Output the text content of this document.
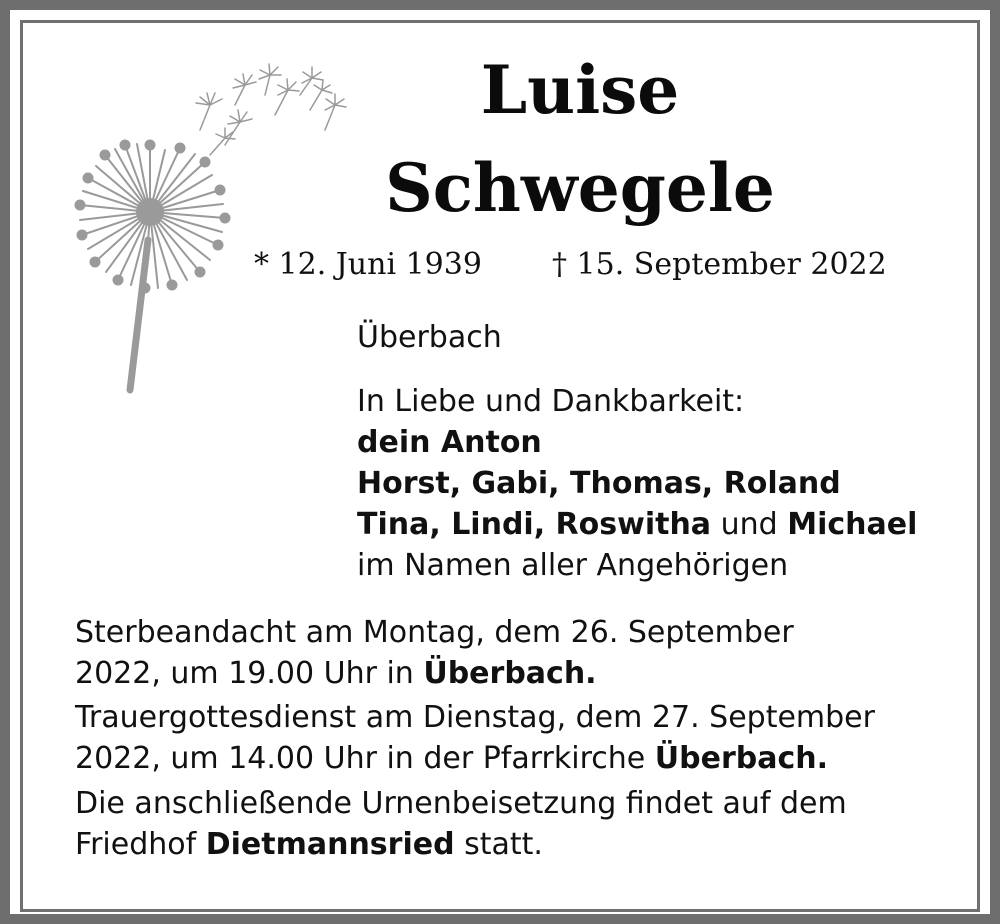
Luise
Schwegele
* 12. Juni 1939 † 15. September 2022
Überbach
In Liebe und Dankbarkeit:
dein Anton
Horst, Gabi, Thomas, Roland
Tina, Lindi, Roswitha und Michael
im Namen aller Angehörigen
Sterbeandacht am Montag, dem 26. September
2022, um 19.00 Uhr in Überbach.
Trauergottesdienst am Dienstag, dem 27. September
2022, um 14.00 Uhr in der Pfarrkirche Überbach.
Die anschließende Urnenbeisetzung findet auf dem
Friedhof Dietmannsried statt.
